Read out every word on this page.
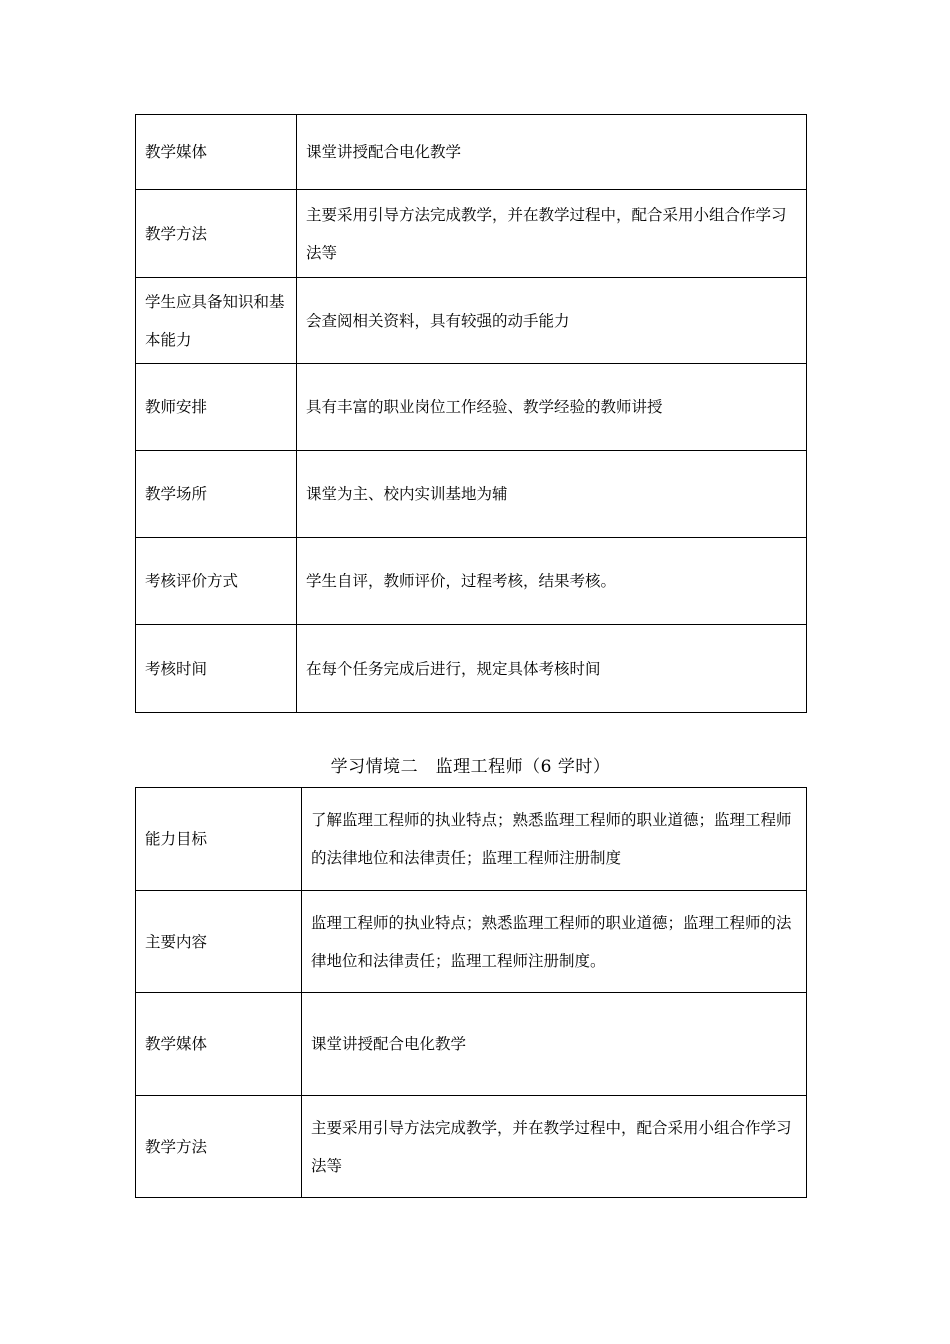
教学媒体	课堂讲授配合电化教学
教学方法	主要采用引导方法完成教学，并在教学过程中，配合采用小组合作学习法等
学生应具备知识和基本能力	会查阅相关资料，具有较强的动手能力
教师安排	具有丰富的职业岗位工作经验、教学经验的教师讲授
教学场所	课堂为主、校内实训基地为辅
考核评价方式	学生自评，教师评价，过程考核，结果考核。
考核时间	在每个任务完成后进行，规定具体考核时间
学习情境二　监理工程师（6 学时）
能力目标	了解监理工程师的执业特点；熟悉监理工程师的职业道德；监理工程师的法律地位和法律责任；监理工程师注册制度
主要内容	监理工程师的执业特点；熟悉监理工程师的职业道德；监理工程师的法律地位和法律责任；监理工程师注册制度。
教学媒体	课堂讲授配合电化教学
教学方法	主要采用引导方法完成教学，并在教学过程中，配合采用小组合作学习法等
